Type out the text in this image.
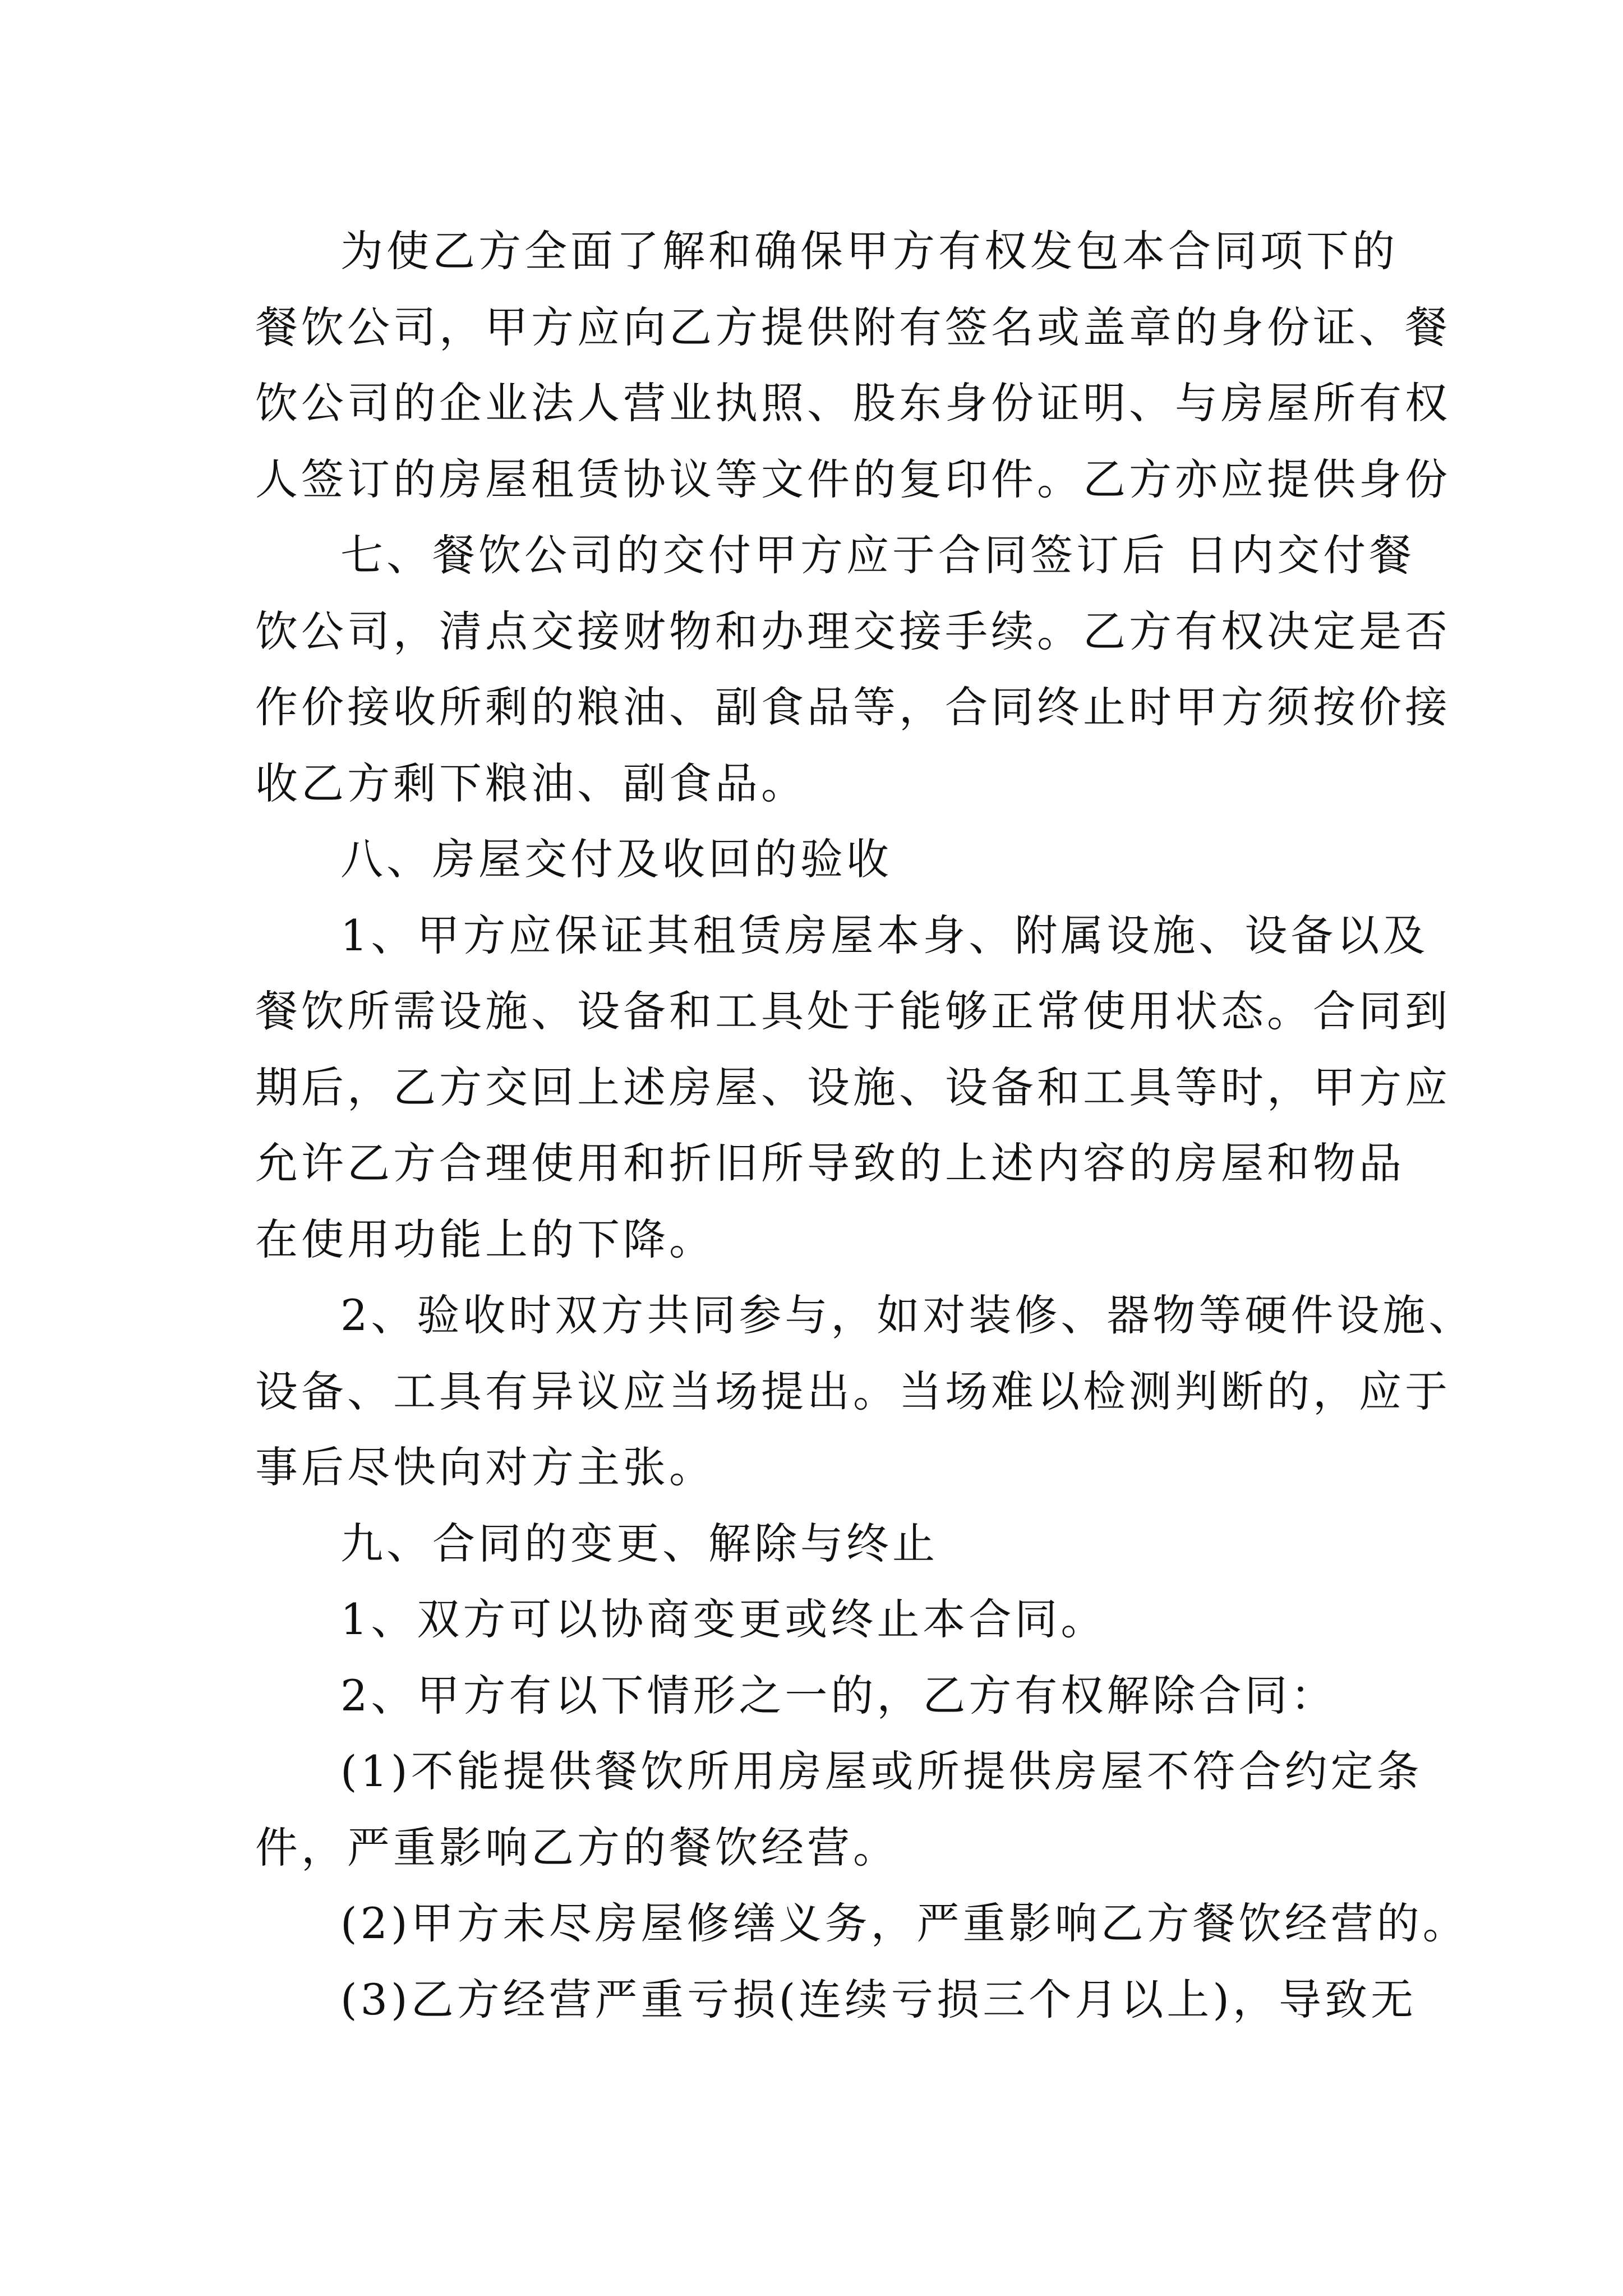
为使乙方全面了解和确保甲方有权发包本合同项下的
餐饮公司，甲方应向乙方提供附有签名或盖章的身份证、餐
饮公司的企业法人营业执照、股东身份证明、与房屋所有权
人签订的房屋租赁协议等文件的复印件。乙方亦应提供身份
七、餐饮公司的交付甲方应于合同签订后 日内交付餐
饮公司，清点交接财物和办理交接手续。乙方有权决定是否
作价接收所剩的粮油、副食品等，合同终止时甲方须按价接
收乙方剩下粮油、副食品。
八、房屋交付及收回的验收
1、甲方应保证其租赁房屋本身、附属设施、设备以及
餐饮所需设施、设备和工具处于能够正常使用状态。合同到
期后，乙方交回上述房屋、设施、设备和工具等时，甲方应
允许乙方合理使用和折旧所导致的上述内容的房屋和物品
在使用功能上的下降。
2、验收时双方共同参与，如对装修、器物等硬件设施、
设备、工具有异议应当场提出。当场难以检测判断的，应于
事后尽快向对方主张。
九、合同的变更、解除与终止
1、双方可以协商变更或终止本合同。
2、甲方有以下情形之一的，乙方有权解除合同：
(1)不能提供餐饮所用房屋或所提供房屋不符合约定条
件，严重影响乙方的餐饮经营。
(2)甲方未尽房屋修缮义务，严重影响乙方餐饮经营的。
(3)乙方经营严重亏损(连续亏损三个月以上)，导致无
